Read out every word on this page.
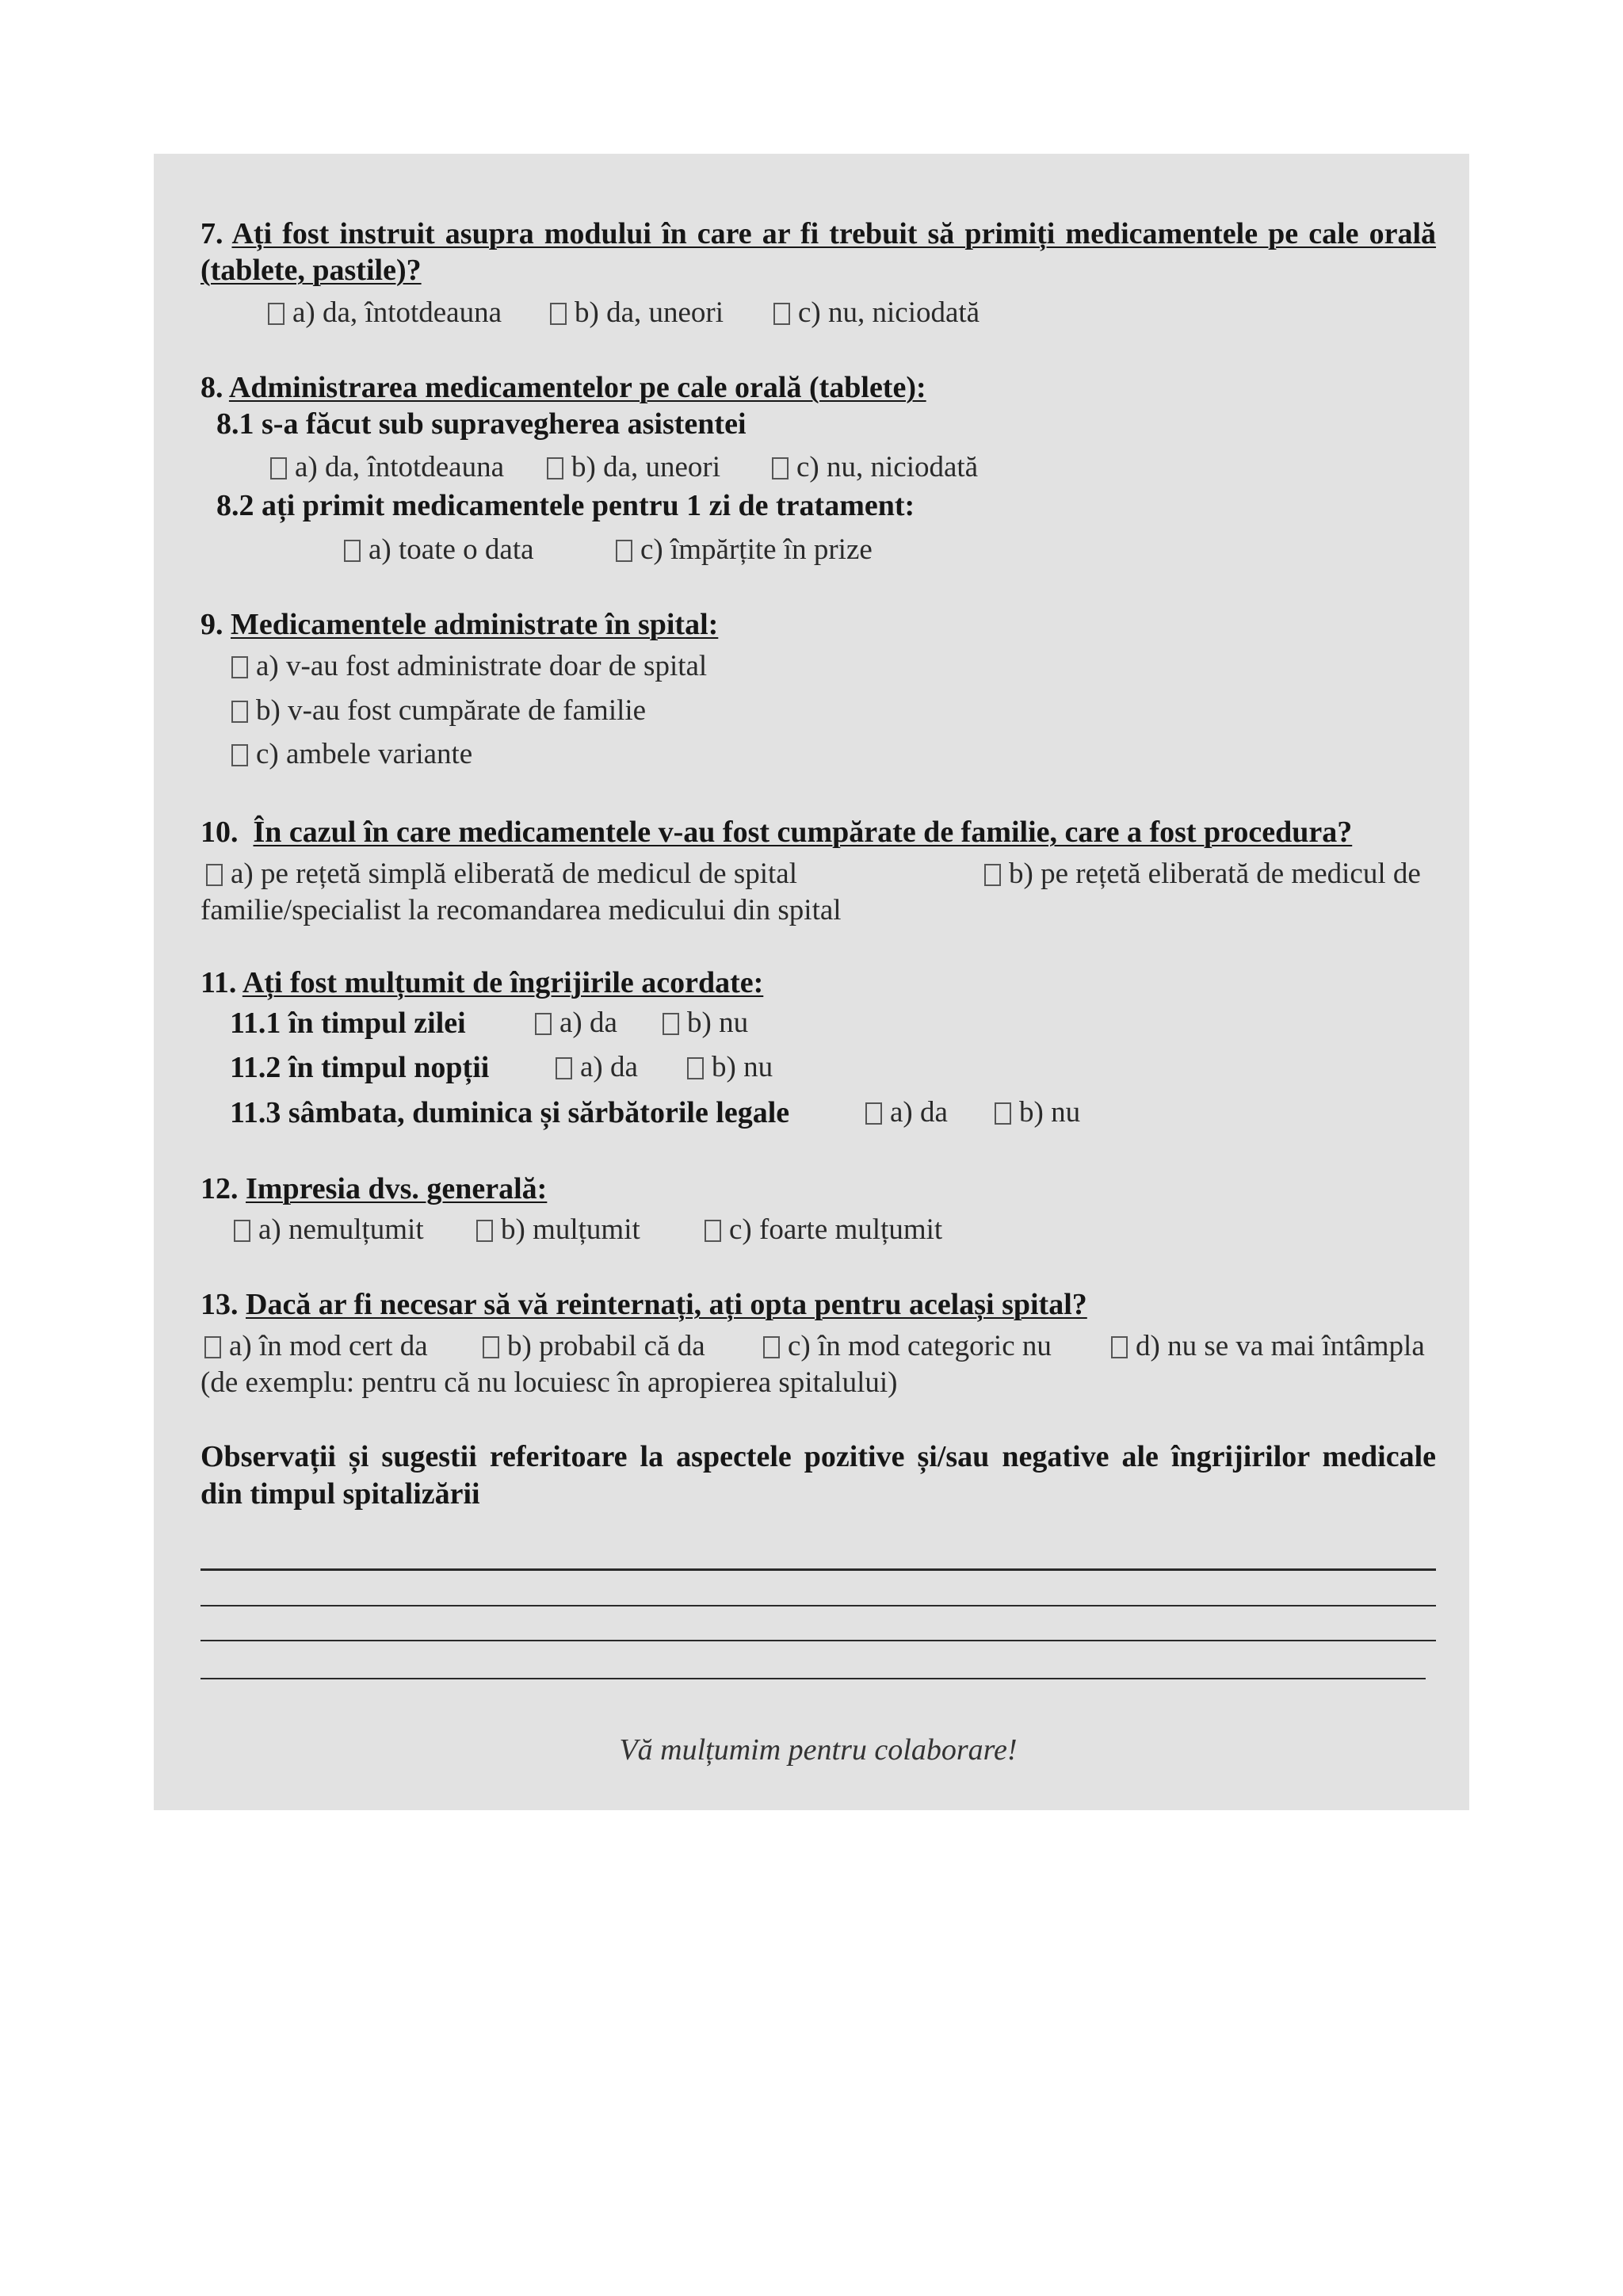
7. Ați fost instruit asupra modului în care ar fi trebuit să primiți medicamentele pe cale orală
(tablete, pastile)?
a) da, întotdeauna	b) da, uneori	c) nu, niciodată
8. Administrarea medicamentelor pe cale orală (tablete):
8.1 s-a făcut sub supravegherea asistentei
a) da, întotdeauna	b) da, uneori	c) nu, niciodată
8.2 ați primit medicamentele pentru 1 zi de tratament:
a) toate o data	c) împărțite în prize
9. Medicamentele administrate în spital:
a) v-au fost administrate doar de spital
b) v-au fost cumpărate de familie
c) ambele variante
10. În cazul în care medicamentele v-au fost cumpărate de familie, care a fost procedura?
a) pe rețetă simplă eliberată de medicul de spital	b) pe rețetă eliberată de medicul de
familie/specialist la recomandarea medicului din spital
11. Ați fost mulțumit de îngrijirile acordate:
11.1 în timpul zilei	a) da	b) nu
11.2 în timpul nopții	a) da	b) nu
11.3 sâmbata, duminica și sărbătorile legale	a) da	b) nu
12. Impresia dvs. generală:
a) nemulțumit	b) mulțumit	c) foarte mulțumit
13. Dacă ar fi necesar să vă reinternați, ați opta pentru același spital?
a) în mod cert da	b) probabil că da	c) în mod categoric nu	d) nu se va mai întâmpla
(de exemplu: pentru că nu locuiesc în apropierea spitalului)
Observații și sugestii referitoare la aspectele pozitive și/sau negative ale îngrijirilor medicale
din timpul spitalizării
Vă mulțumim pentru colaborare!
